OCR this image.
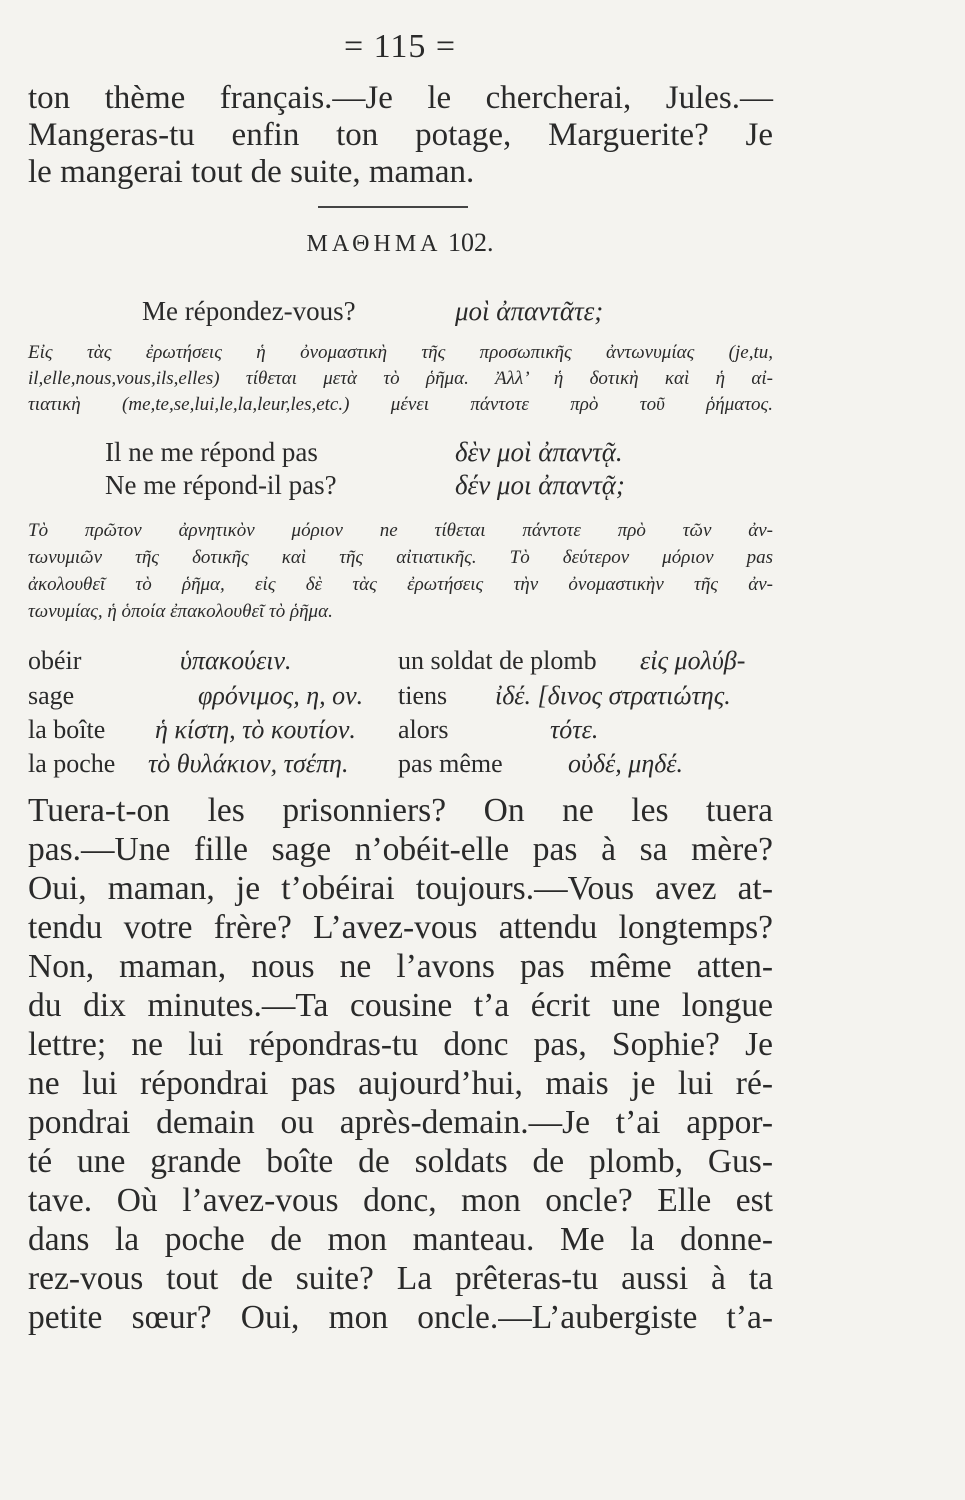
= 115 =
ton thème français.—Je le chercherai, Jules.—
Mangeras-tu enfin ton potage, Marguerite? Je
le mangerai tout de suite, maman.
ΜΑΘΗΜΑ 102.
Me répondez-vous?	μοὶ ἀπαντᾶτε;
Εἰς τὰς ἐρωτήσεις ἡ ὀνομαστικὴ τῆς προσωπικῆς ἀντωνυμίας (je,tu,
il,elle,nous,vous,ils,elles) τίθεται μετὰ τὸ ῥῆμα. Ἀλλ’ ἡ δοτικὴ καὶ ἡ αἰ-
τιατικὴ (me,te,se,lui,le,la,leur,les,etc.) μένει πάντοτε πρὸ τοῦ ῥήματος.
Il ne me répond pas	δὲν μοὶ ἀπαντᾷ.
Ne me répond-il pas?	δέν μοι ἀπαντᾷ;
Τὸ πρῶτον ἀρνητικὸν μόριον ne τίθεται πάντοτε πρὸ τῶν ἀν-
τωνυμιῶν τῆς δοτικῆς καὶ τῆς αἰτιατικῆς. Τὸ δεύτερον μόριον pas
ἀκολουθεῖ τὸ ῥῆμα, εἰς δὲ τὰς ἐρωτήσεις τὴν ὀνομαστικὴν τῆς ἀν-
τωνυμίας, ἡ ὁποία ἐπακολουθεῖ τὸ ῥῆμα.
obéir	ὑπακούειν.	un soldat de plomb εἰς μολύβ-
sage	φρόνιμος, η, ον. tiens ἰδέ. [δινος στρατιώτης.
la boîte ἡ κίστη, τὸ κουτίον. alors	τότε.
la poche τὸ θυλάκιον, τσέπη. pas même	οὐδέ, μηδέ.
Tuera-t-on les prisonniers? On ne les tuera
pas.—Une fille sage n’obéit-elle pas à sa mère?
Oui, maman, je t’obéirai toujours.—Vous avez at-
tendu votre frère? L’avez-vous attendu longtemps?
Non, maman, nous ne l’avons pas même atten-
du dix minutes.—Ta cousine t’a écrit une longue
lettre; ne lui répondras-tu donc pas, Sophie? Je
ne lui répondrai pas aujourd’hui, mais je lui ré-
pondrai demain ou après-demain.—Je t’ai appor-
té une grande boîte de soldats de plomb, Gus-
tave. Où l’avez-vous donc, mon oncle? Elle est
dans la poche de mon manteau. Me la donne-
rez-vous tout de suite? La prêteras-tu aussi à ta
petite sœur? Oui, mon oncle.—L’aubergiste t’a-
